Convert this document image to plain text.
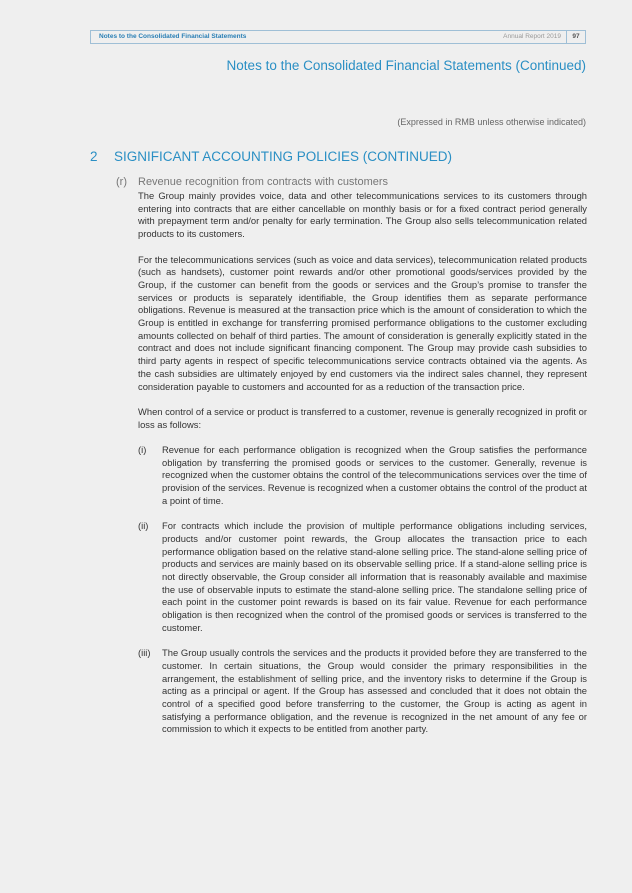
Notes to the Consolidated Financial Statements	Annual Report 2019	97
Notes to the Consolidated Financial Statements (Continued)
(Expressed in RMB unless otherwise indicated)
2 SIGNIFICANT ACCOUNTING POLICIES (CONTINUED)
(r) Revenue recognition from contracts with customers

The Group mainly provides voice, data and other telecommunications services to its customers through entering into contracts that are either cancellable on monthly basis or for a fixed contract period generally with prepayment term and/or penalty for early termination. The Group also sells telecommunication related products to its customers.

For the telecommunications services (such as voice and data services), telecommunication related products (such as handsets), customer point rewards and/or other promotional goods/services provided by the Group, if the customer can benefit from the goods or services and the Group’s promise to transfer the services or products is separately identifiable, the Group identifies them as separate performance obligations. Revenue is measured at the transaction price which is the amount of consideration to which the Group is entitled in exchange for transferring promised performance obligations to the customer excluding amounts collected on behalf of third parties. The amount of consideration is generally explicitly stated in the contract and does not include significant financing component. The Group may provide cash subsidies to third party agents in respect of specific telecommunications service contracts obtained via the agents. As the cash subsidies are ultimately enjoyed by end customers via the indirect sales channel, they represent consideration payable to customers and accounted for as a reduction of the transaction price.

When control of a service or product is transferred to a customer, revenue is generally recognized in profit or loss as follows:

(i)	Revenue for each performance obligation is recognized when the Group satisfies the performance obligation by transferring the promised goods or services to the customer. Generally, revenue is recognized when the customer obtains the control of the telecommunications services over the time of provision of the services. Revenue is recognized when a customer obtains the control of the product at a point of time.
(ii)	For contracts which include the provision of multiple performance obligations including services, products and/or customer point rewards, the Group allocates the transaction price to each performance obligation based on the relative stand-alone selling price. The stand-alone selling price of products and services are mainly based on its observable selling price. If a stand-alone selling price is not directly observable, the Group consider all information that is reasonably available and maximise the use of observable inputs to estimate the stand-alone selling price. The standalone selling price of each point in the customer point rewards is based on its fair value. Revenue for each performance obligation is then recognized when the control of the promised goods or services is transferred to the customer.
(iii)	The Group usually controls the services and the products it provided before they are transferred to the customer. In certain situations, the Group would consider the primary responsibilities in the arrangement, the establishment of selling price, and the inventory risks to determine if the Group is acting as a principal or agent. If the Group has assessed and concluded that it does not obtain the control of a specified good before transferring to the customer, the Group is acting as agent in satisfying a performance obligation, and the revenue is recognized in the net amount of any fee or commission to which it expects to be entitled from another party.
